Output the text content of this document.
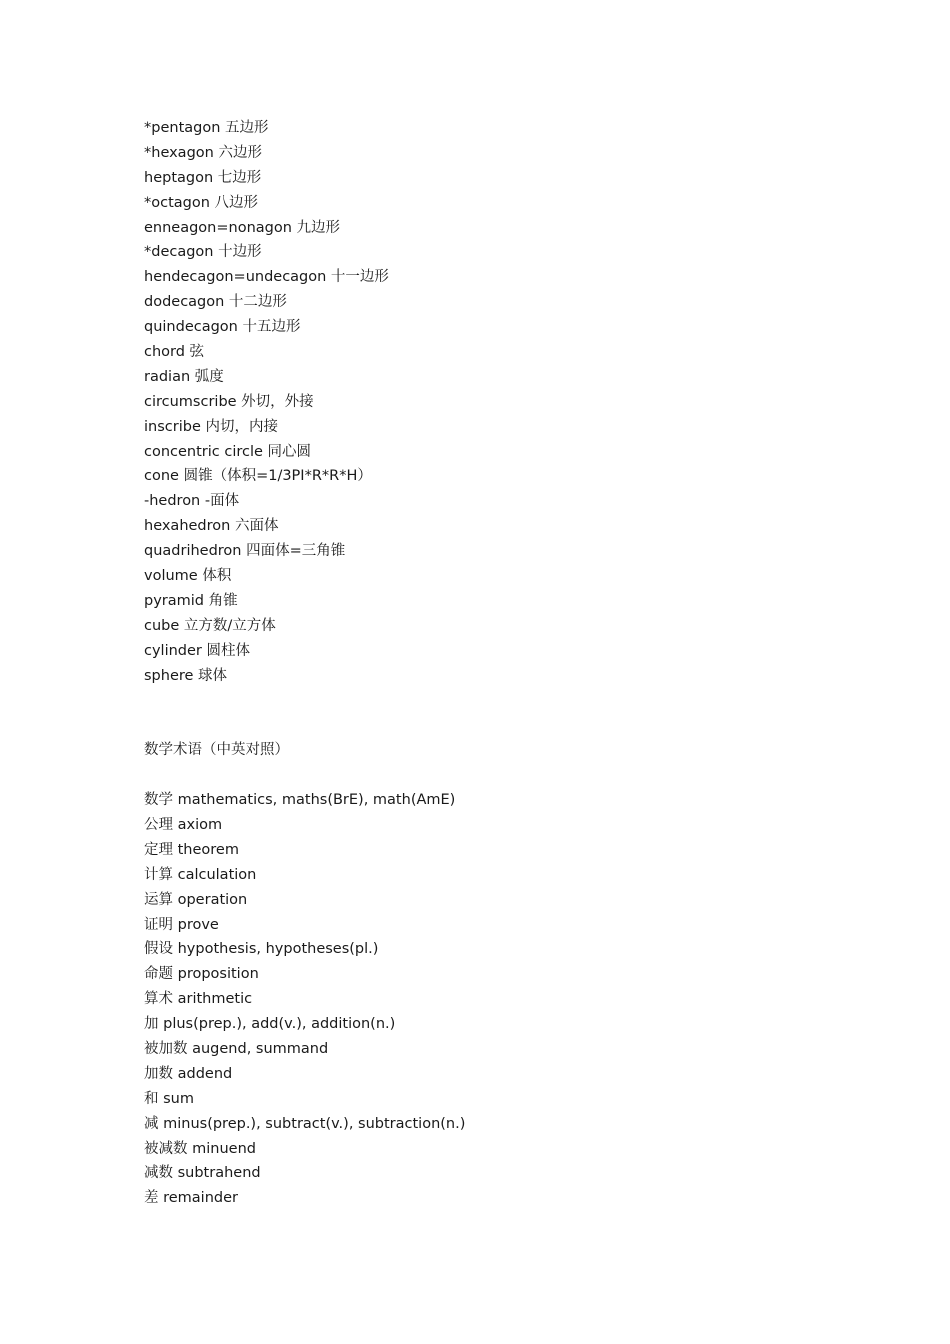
*pentagon 五边形
*hexagon 六边形
heptagon 七边形
*octagon 八边形
enneagon=nonagon 九边形
*decagon 十边形
hendecagon=undecagon 十一边形
dodecagon 十二边形
quindecagon 十五边形
chord 弦
radian 弧度
circumscribe 外切，外接
inscribe 内切，内接
concentric circle 同心圆
cone 圆锥（体积=1/3PI*R*R*H）
-hedron -面体
hexahedron 六面体
quadrihedron 四面体=三角锥
volume 体积
pyramid 角锥
cube 立方数/立方体
cylinder 圆柱体
sphere 球体
数学术语（中英对照）
数学 mathematics, maths(BrE), math(AmE)
公理 axiom
定理 theorem
计算 calculation
运算 operation
证明 prove
假设 hypothesis, hypotheses(pl.)
命题 proposition
算术 arithmetic
加 plus(prep.), add(v.), addition(n.)
被加数 augend, summand
加数 addend
和 sum
减 minus(prep.), subtract(v.), subtraction(n.)
被减数 minuend
减数 subtrahend
差 remainder
